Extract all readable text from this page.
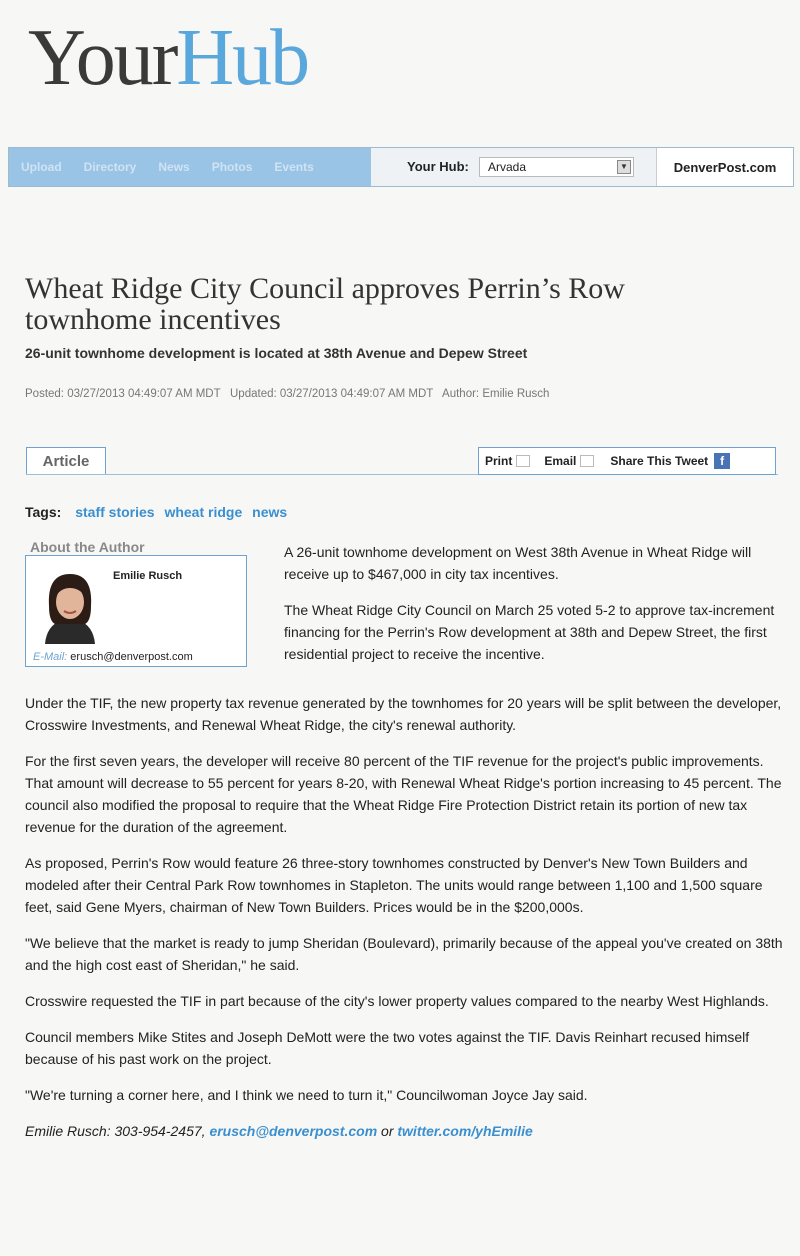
YourHub
Upload Directory News Photos Events	Your Hub: Arvada	▼	DenverPost.com
Wheat Ridge City Council approves Perrin’s Row townhome incentives
26-unit townhome development is located at 38th Avenue and Depew Street
Posted: 03/27/2013 04:49:07 AM MDT   Updated: 03/27/2013 04:49:07 AM MDT   Author: Emilie Rusch
Article	Print	Email	Share This Tweet	f
Tags: staff stories wheat ridge news
About the Author
Emilie Rusch
E-Mail: erusch@denverpost.com

A 26-unit townhome development on West 38th Avenue in Wheat Ridge will receive up to $467,000 in city tax incentives.

The Wheat Ridge City Council on March 25 voted 5-2 to approve tax-increment financing for the Perrin's Row development at 38th and Depew Street, the first residential project to receive the incentive.

Under the TIF, the new property tax revenue generated by the townhomes for 20 years will be split between the developer, Crosswire Investments, and Renewal Wheat Ridge, the city's renewal authority.

For the first seven years, the developer will receive 80 percent of the TIF revenue for the project's public improvements. That amount will decrease to 55 percent for years 8-20, with Renewal Wheat Ridge's portion increasing to 45 percent. The council also modified the proposal to require that the Wheat Ridge Fire Protection District retain its portion of new tax revenue for the duration of the agreement.

As proposed, Perrin's Row would feature 26 three-story townhomes constructed by Denver's New Town Builders and modeled after their Central Park Row townhomes in Stapleton. The units would range between 1,100 and 1,500 square feet, said Gene Myers, chairman of New Town Builders. Prices would be in the $200,000s.

"We believe that the market is ready to jump Sheridan (Boulevard), primarily because of the appeal you've created on 38th and the high cost east of Sheridan," he said.

Crosswire requested the TIF in part because of the city's lower property values compared to the nearby West Highlands.

Council members Mike Stites and Joseph DeMott were the two votes against the TIF. Davis Reinhart recused himself because of his past work on the project.

"We're turning a corner here, and I think we need to turn it," Councilwoman Joyce Jay said.

Emilie Rusch: 303-954-2457, erusch@denverpost.com or twitter.com/yhEmilie
